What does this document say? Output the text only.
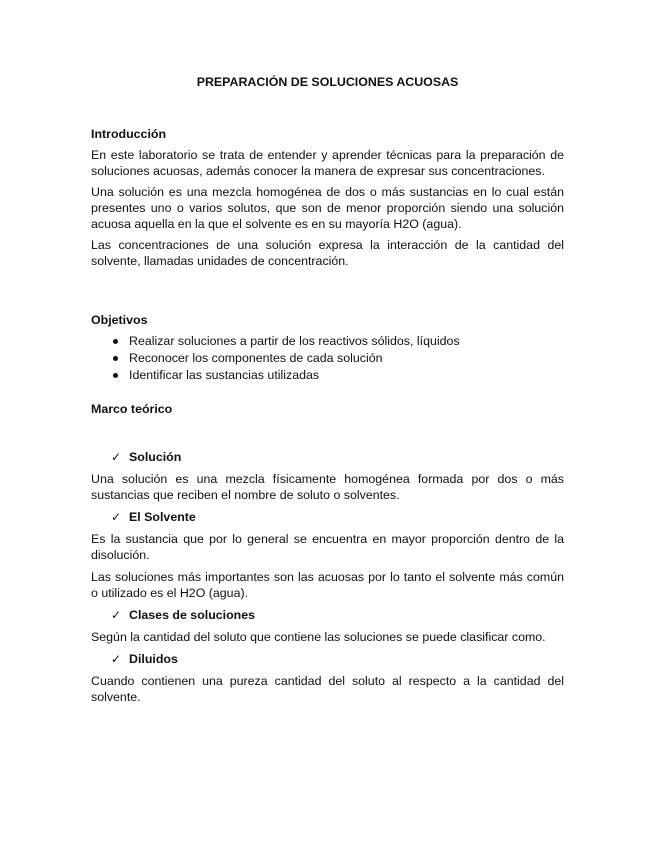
PREPARACIÓN DE SOLUCIONES ACUOSAS
Introducción

En este laboratorio se trata de entender y aprender técnicas para la preparación de soluciones acuosas, además conocer la manera de expresar sus concentraciones.

Una solución es una mezcla homogénea de dos o más sustancias en lo cual están presentes uno o varios solutos, que son de menor proporción siendo una solución acuosa aquella en la que el solvente es en su mayoría H2O (agua).

Las concentraciones de una solución expresa la interacción de la cantidad del solvente, llamadas unidades de concentración.

Objetivos
Realizar soluciones a partir de los reactivos sólidos, líquidos
Reconocer los componentes de cada solución
Identificar las sustancias utilizadas
Marco teórico
✓ Solución

Una solución es una mezcla físicamente homogénea formada por dos o más sustancias que reciben el nombre de soluto o solventes.

✓ El Solvente

Es la sustancia que por lo general se encuentra en mayor proporción dentro de la disolución.

Las soluciones más importantes son las acuosas por lo tanto el solvente más común o utilizado es el H2O (agua).

✓ Clases de soluciones

Según la cantidad del soluto que contiene las soluciones se puede clasificar como.

✓ Diluidos

Cuando contienen una pureza cantidad del soluto al respecto a la cantidad del solvente.
